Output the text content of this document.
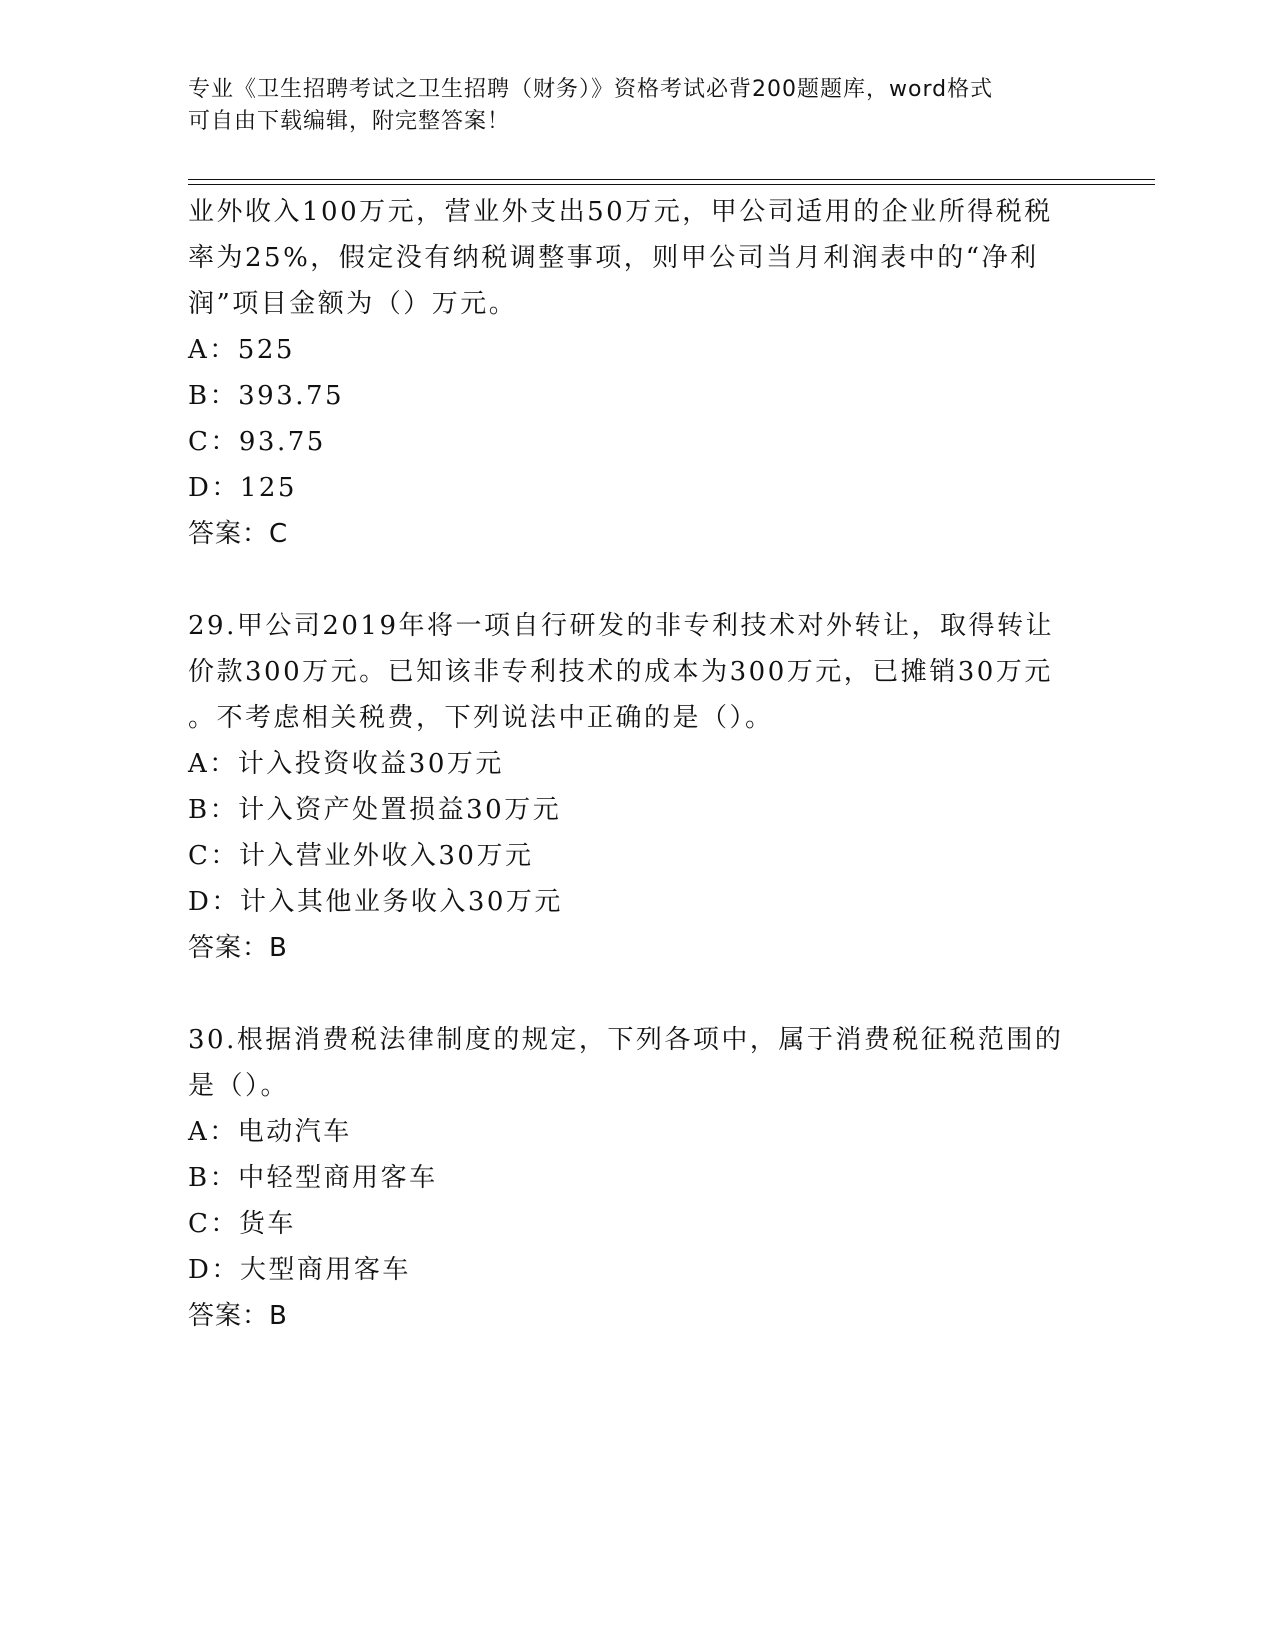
专业《卫生招聘考试之卫生招聘（财务）》资格考试必背200题题库，word格式
可自由下载编辑，附完整答案！
业外收入100万元，营业外支出50万元，甲公司适用的企业所得税税
率为25%，假定没有纳税调整事项，则甲公司当月利润表中的“净利
润”项目金额为（）万元。
A：525
B：393.75
C：93.75
D：125
答案：C
29.甲公司2019年将一项自行研发的非专利技术对外转让，取得转让
价款300万元。已知该非专利技术的成本为300万元，已摊销30万元
。不考虑相关税费，下列说法中正确的是（）。
A：计入投资收益30万元
B：计入资产处置损益30万元
C：计入营业外收入30万元
D：计入其他业务收入30万元
答案：B
30.根据消费税法律制度的规定，下列各项中，属于消费税征税范围的
是（）。
A：电动汽车
B：中轻型商用客车
C：货车
D：大型商用客车
答案：B
